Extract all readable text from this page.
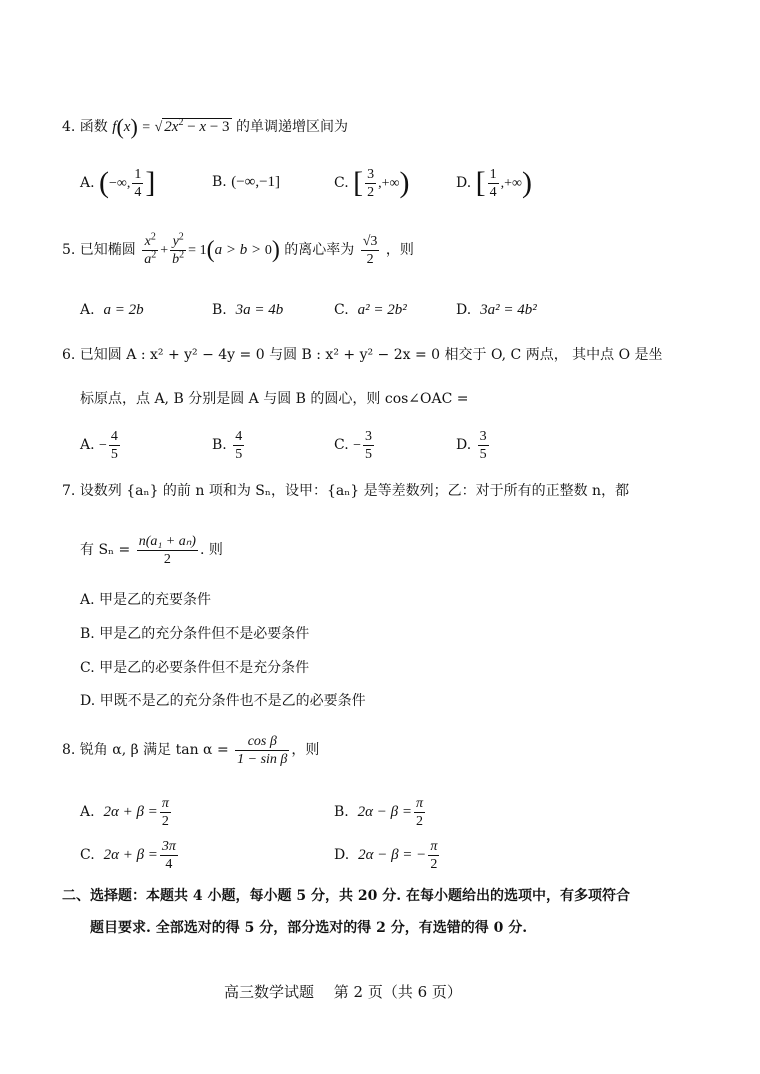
4. 函数 f(x) = √ $2x^2 - x - 3$ 的单调递增区间为
A. (−∞, $\frac{1}{4}$ ]	B. (−∞,−1]	C. [ $\frac{3}{2}$ ,+∞)	D. [ $\frac{1}{4}$ ,+∞)
5. 已知椭圆 $\frac{x^2}{a^2} + \frac{y^2}{b^2} = 1(a > b > 0)$ 的离心率为 $\frac{√3}{2}$ ，则
A. a = 2b	B. 3a = 4b	C. a² = 2b²	D. 3a² = 4b²
6. 已知圆 A : x² + y² − 4y = 0 与圆 B : x² + y² − 2x = 0 相交于 O, C 两点， 其中点 O 是坐
标原点，点 A, B 分别是圆 A 与圆 B 的圆心，则 cos∠OAC =
A. − $\frac{4}{5}$	B. $\frac{4}{5}$	C. − $\frac{3}{5}$	D. $\frac{3}{5}$
7. 设数列 {aₙ} 的前 n 项和为 Sₙ，设甲：{aₙ} 是等差数列；乙：对于所有的正整数 n，都
有 $S_n = \frac{\text{n(a₁ + aₙ)}}{2}$ . 则
A. 甲是乙的充要条件
B. 甲是乙的充分条件但不是必要条件
C. 甲是乙的必要条件但不是充分条件
D. 甲既不是乙的充分条件也不是乙的必要条件
8. 锐角 α, β 满足 $\tan \alpha = \frac{\text{cos β}}{\text{1 − sin β}}$ ，则
A. $2\alpha + \beta = \frac{\pi}{2}$	B. $2\alpha - \beta = \frac{\pi}{2}$
C. $2\alpha + \beta = \frac{3\pi}{4}$	D. 2α − β = − $\frac{\pi}{2}$
二、选择题：本题共 4 小题，每小题 5 分，共 20 分. 在每小题给出的选项中，有多项符合
题目要求. 全部选对的得 5 分，部分选对的得 2 分，有选错的得 0 分.
高三数学试题　 第 2 页（共 6 页）
